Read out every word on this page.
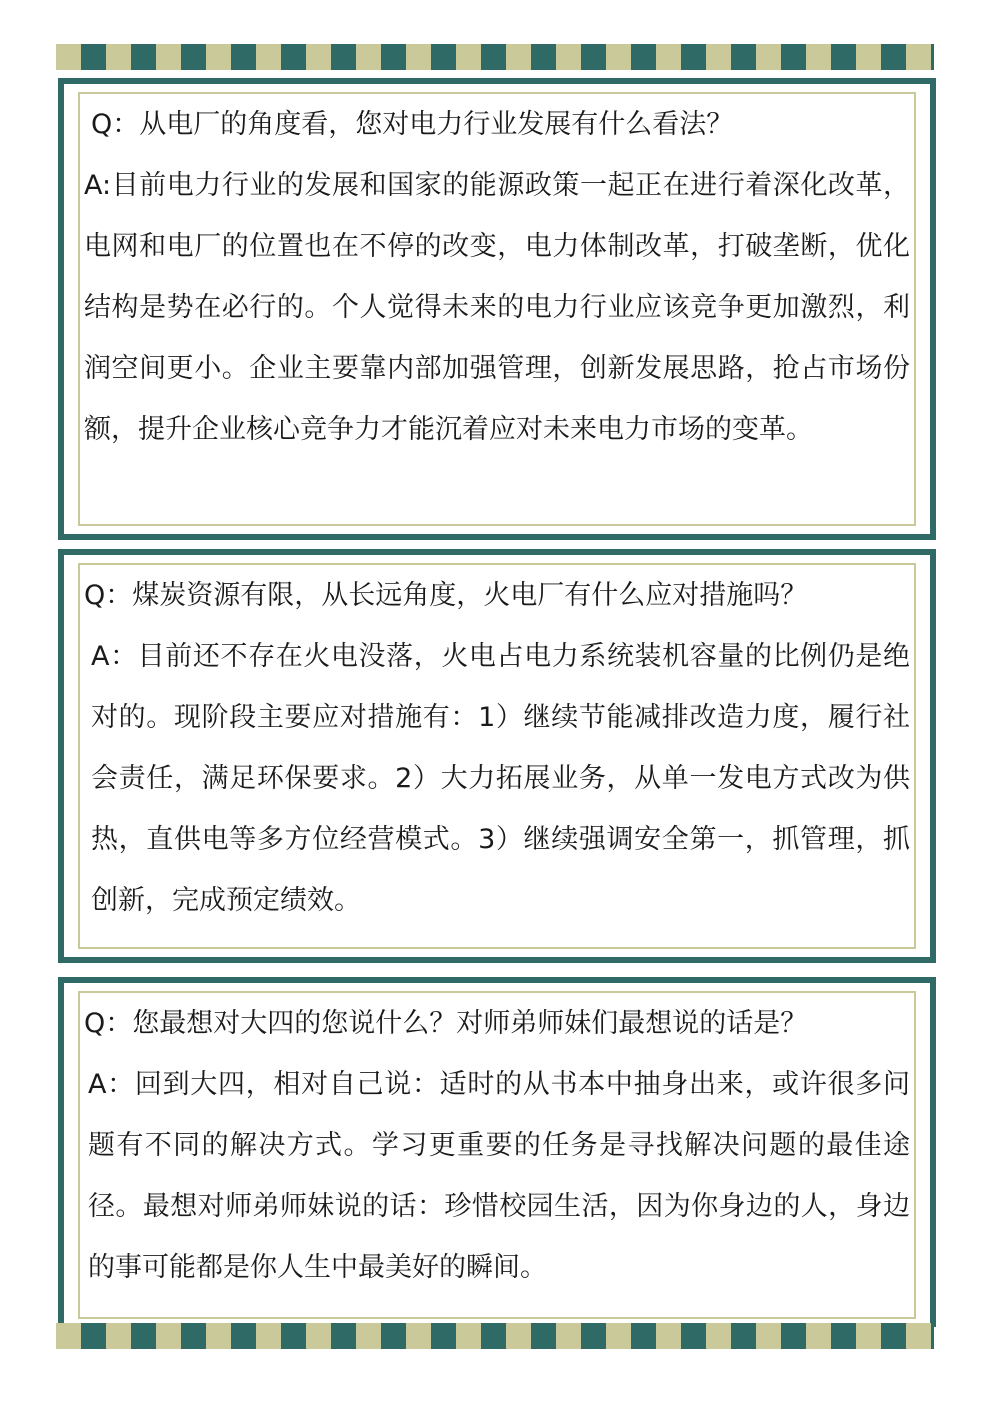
Q：从电厂的角度看，您对电力行业发展有什么看法？
A:目前电力行业的发展和国家的能源政策一起正在进行着深化改革，电网和电厂的位置也在不停的改变，电力体制改革，打破垄断，优化结构是势在必行的。个人觉得未来的电力行业应该竞争更加激烈，利润空间更小。企业主要靠内部加强管理，创新发展思路，抢占市场份额，提升企业核心竞争力才能沉着应对未来电力市场的变革。
Q：煤炭资源有限，从长远角度，火电厂有什么应对措施吗？
A：目前还不存在火电没落，火电占电力系统装机容量的比例仍是绝对的。现阶段主要应对措施有：1）继续节能减排改造力度，履行社会责任，满足环保要求。2）大力拓展业务，从单一发电方式改为供热，直供电等多方位经营模式。3）继续强调安全第一，抓管理，抓创新，完成预定绩效。
Q：您最想对大四的您说什么？对师弟师妹们最想说的话是？
A：回到大四，相对自己说：适时的从书本中抽身出来，或许很多问题有不同的解决方式。学习更重要的任务是寻找解决问题的最佳途径。最想对师弟师妹说的话：珍惜校园生活，因为你身边的人，身边的事可能都是你人生中最美好的瞬间。
